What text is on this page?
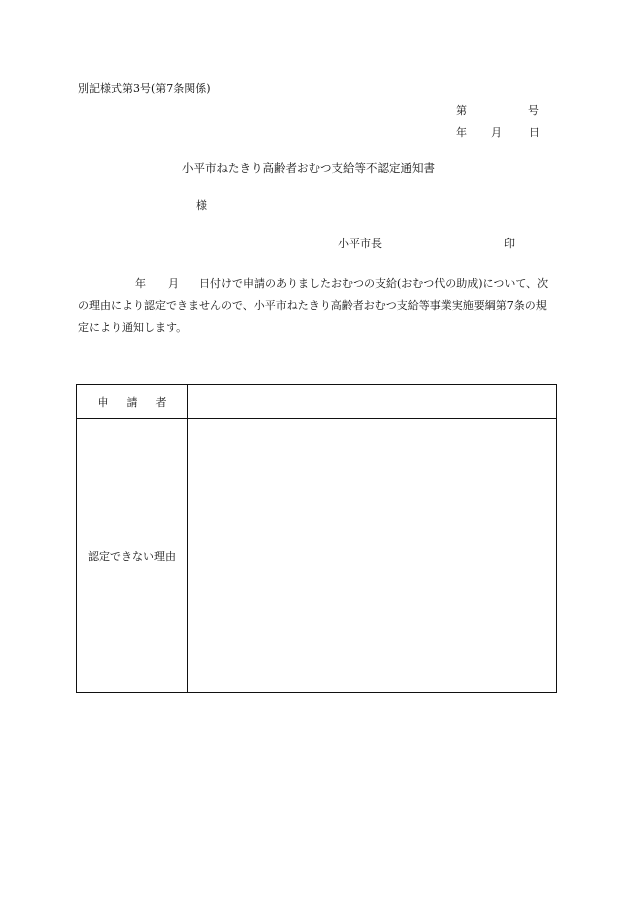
別記様式第3号(第7条関係)
第	号
年 月 日
小平市ねたきり高齢者おむつ支給等不認定通知書
様
小平市長	印
年 月 日付けで申請のありましたおむつの支給(おむつ代の助成)について、次の理由により認定できませんので、小平市ねたきり高齢者おむつ支給等事業実施要綱第7条の規定により通知します。
申 請 者
認定できない理由
